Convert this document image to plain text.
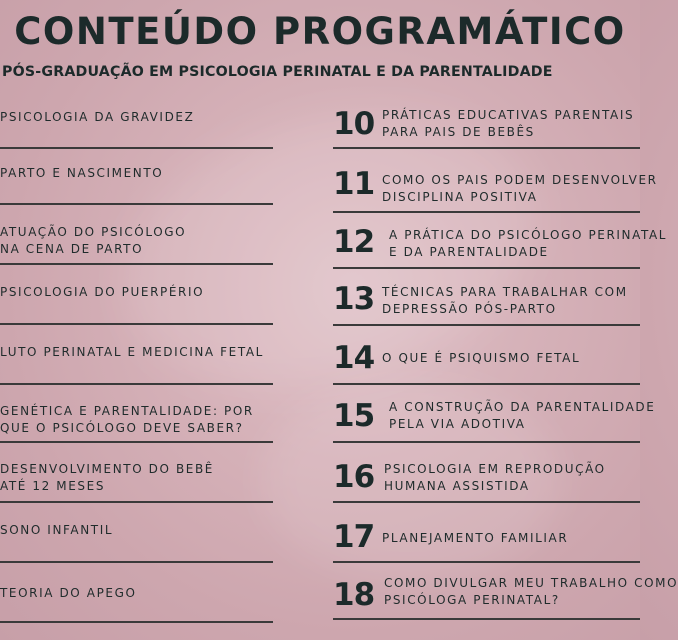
CONTEÚDO PROGRAMÁTICO
PÓS-GRADUAÇÃO EM PSICOLOGIA PERINATAL E DA PARENTALIDADE
PSICOLOGIA DA GRAVIDEZ
PARTO E NASCIMENTO
ATUAÇÃO DO PSICÓLOGO
NA CENA DE PARTO
PSICOLOGIA DO PUERPÉRIO
LUTO PERINATAL E MEDICINA FETAL
GENÉTICA E PARENTALIDADE: POR
QUE O PSICÓLOGO DEVE SABER?
DESENVOLVIMENTO DO BEBÊ
ATÉ 12 MESES
SONO INFANTIL
TEORIA DO APEGO
10 PRÁTICAS EDUCATIVAS PARENTAIS
PARA PAIS DE BEBÊS
11 COMO OS PAIS PODEM DESENVOLVER
DISCIPLINA POSITIVA
12 A PRÁTICA DO PSICÓLOGO PERINATAL
E DA PARENTALIDADE
13 TÉCNICAS PARA TRABALHAR COM
DEPRESSÃO PÓS-PARTO
14 O QUE É PSIQUISMO FETAL
15 A CONSTRUÇÃO DA PARENTALIDADE
PELA VIA ADOTIVA
16 PSICOLOGIA EM REPRODUÇÃO
HUMANA ASSISTIDA
17 PLANEJAMENTO FAMILIAR
18 COMO DIVULGAR MEU TRABALHO COMO
PSICÓLOGA PERINATAL?
